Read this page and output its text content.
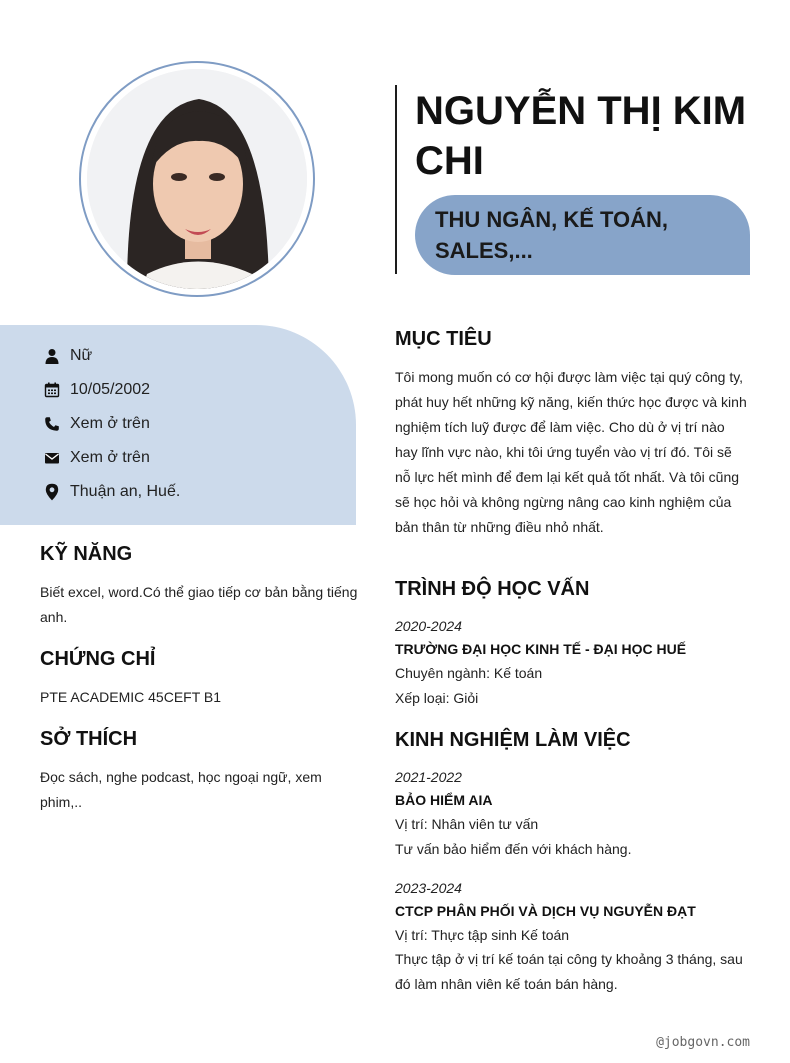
NGUYỄN THỊ KIM CHI

THU NGÂN, KẾ TOÁN, SALES,...

Nữ
10/05/2002
Xem ở trên
Xem ở trên
Thuận an, Huế.
KỸ NĂNG

Biết excel, word.Có thể giao tiếp cơ bản bằng tiếng anh.

CHỨNG CHỈ

PTE ACADEMIC 45CEFT B1

SỞ THÍCH

Đọc sách, nghe podcast, học ngoại ngữ, xem phim,..

MỤC TIÊU

Tôi mong muốn có cơ hội được làm việc tại quý công ty, phát huy hết những kỹ năng, kiến thức học được và kinh nghiệm tích luỹ được để làm việc. Cho dù ở vị trí nào hay lĩnh vực nào, khi tôi ứng tuyển vào vị trí đó. Tôi sẽ nỗ lực hết mình để đem lại kết quả tốt nhất. Và tôi cũng sẽ học hỏi và không ngừng nâng cao kinh nghiệm của bản thân từ những điều nhỏ nhất.

TRÌNH ĐỘ HỌC VẤN

2020-2024

TRƯỜNG ĐẠI HỌC KINH TẾ - ĐẠI HỌC HUẾ

Chuyên ngành: Kế toán

Xếp loại: Giỏi

KINH NGHIỆM LÀM VIỆC

2021-2022

BẢO HIỂM AIA

Vị trí: Nhân viên tư vấn

Tư vấn bảo hiểm đến với khách hàng.

2023-2024

CTCP PHÂN PHỐI VÀ DỊCH VỤ NGUYỄN ĐẠT

Vị trí: Thực tập sinh Kế toán

Thực tập ở vị trí kế toán tại công ty khoảng 3 tháng, sau đó làm nhân viên kế toán bán hàng.

@jobgovn.com
